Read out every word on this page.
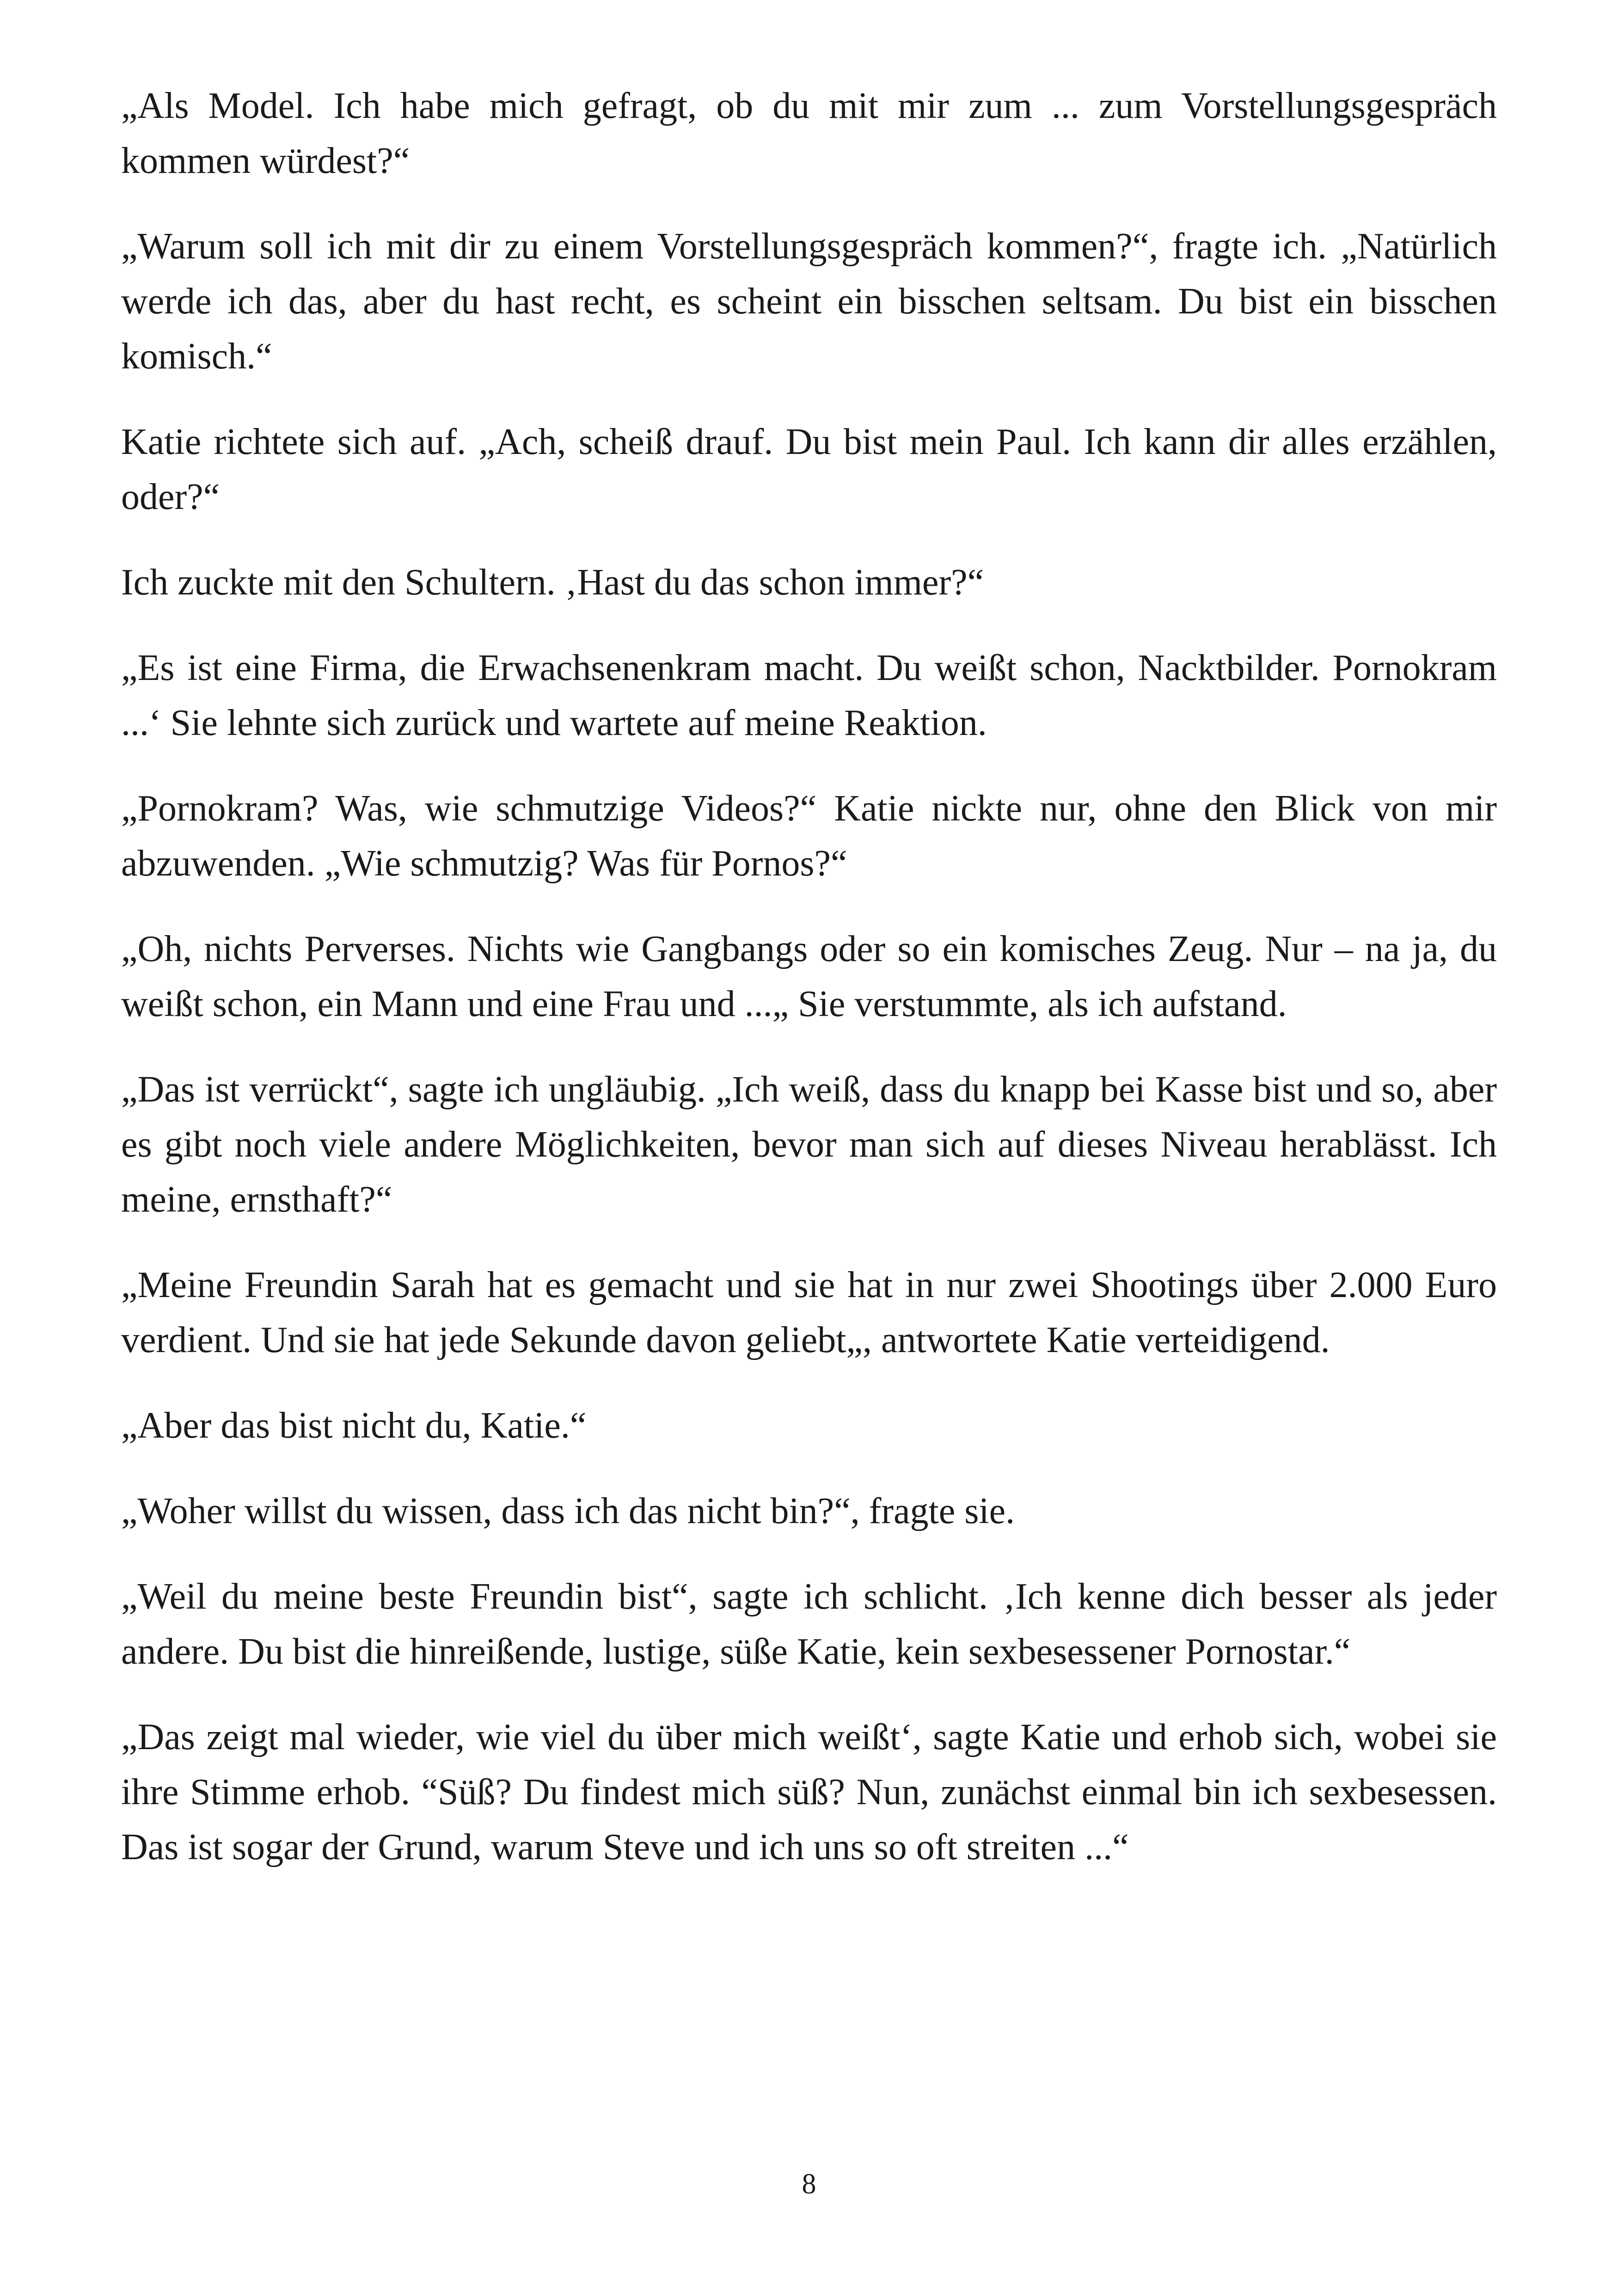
„Als Model. Ich habe mich gefragt, ob du mit mir zum ... zum Vorstellungsgespräch kommen würdest?“

„Warum soll ich mit dir zu einem Vorstellungsgespräch kommen?“, fragte ich. „Natürlich werde ich das, aber du hast recht, es scheint ein bisschen seltsam. Du bist ein bisschen komisch.“

Katie richtete sich auf. „Ach, scheiß drauf. Du bist mein Paul. Ich kann dir alles erzählen, oder?“

Ich zuckte mit den Schultern. ‚Hast du das schon immer?“

„Es ist eine Firma, die Erwachsenenkram macht. Du weißt schon, Nacktbilder. Pornokram ...‘ Sie lehnte sich zurück und wartete auf meine Reaktion.

„Pornokram? Was, wie schmutzige Videos?“ Katie nickte nur, ohne den Blick von mir abzuwenden. „Wie schmutzig? Was für Pornos?“

„Oh, nichts Perverses. Nichts wie Gangbangs oder so ein komisches Zeug. Nur – na ja, du weißt schon, ein Mann und eine Frau und ...„ Sie verstummte, als ich aufstand.

„Das ist verrückt“, sagte ich ungläubig. „Ich weiß, dass du knapp bei Kasse bist und so, aber es gibt noch viele andere Möglichkeiten, bevor man sich auf dieses Niveau herablässt. Ich meine, ernsthaft?“

„Meine Freundin Sarah hat es gemacht und sie hat in nur zwei Shootings über 2.000 Euro verdient. Und sie hat jede Sekunde davon geliebt„, antwortete Katie verteidigend.

„Aber das bist nicht du, Katie.“

„Woher willst du wissen, dass ich das nicht bin?“, fragte sie.

„Weil du meine beste Freundin bist“, sagte ich schlicht. ‚Ich kenne dich besser als jeder andere. Du bist die hinreißende, lustige, süße Katie, kein sexbesessener Pornostar.“

„Das zeigt mal wieder, wie viel du über mich weißt‘, sagte Katie und erhob sich, wobei sie ihre Stimme erhob. “Süß? Du findest mich süß? Nun, zunächst einmal bin ich sexbesessen. Das ist sogar der Grund, warum Steve und ich uns so oft streiten ...“

8
